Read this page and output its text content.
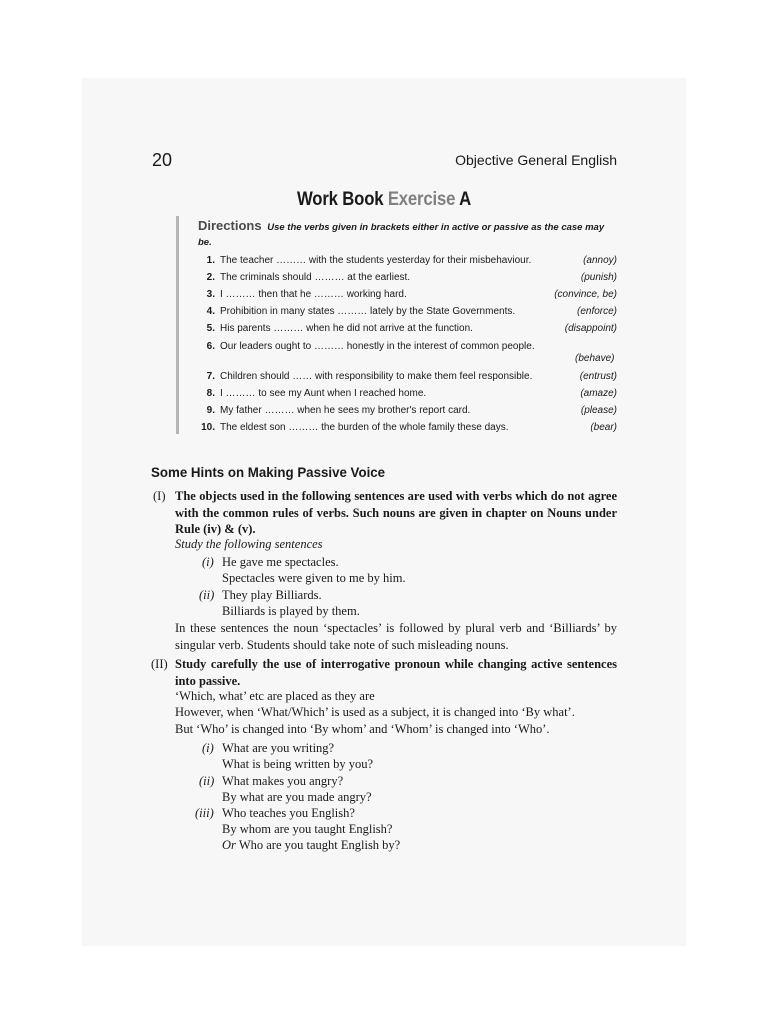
20	Objective General English
Work Book Exercise A
Directions Use the verbs given in brackets either in active or passive as the case may be.
1. The teacher ……… with the students yesterday for their misbehaviour.	(annoy)
2. The criminals should ……… at the earliest.	(punish)
3. I ……… then that he ……… working hard.	(convince, be)
4. Prohibition in many states ……… lately by the State Governments.	(enforce)
5. His parents ……… when he did not arrive at the function.	(disappoint)
6. Our leaders ought to ……… honestly in the interest of common people.
(behave)
7. Children should …… with responsibility to make them feel responsible.	(entrust)
8. I ……… to see my Aunt when I reached home.	(amaze)
9. My father ……… when he sees my brother's report card.	(please)
10. The eldest son ……… the burden of the whole family these days.	(bear)
Some Hints on Making Passive Voice
(I) The objects used in the following sentences are used with verbs which do not agree with the common rules of verbs. Such nouns are given in chapter on Nouns under Rule (iv) & (v).
Study the following sentences
(i) He gave me spectacles.
Spectacles were given to me by him.
(ii) They play Billiards.
Billiards is played by them.
In these sentences the noun ‘spectacles’ is followed by plural verb and ‘Billiards’ by singular verb. Students should take note of such misleading nouns.
(II) Study carefully the use of interrogative pronoun while changing active sentences into passive.
‘Which, what’ etc are placed as they are
However, when ‘What/Which’ is used as a subject, it is changed into ‘By what’.
But ‘Who’ is changed into ‘By whom’ and ‘Whom’ is changed into ‘Who’.
(i) What are you writing?
What is being written by you?
(ii) What makes you angry?
By what are you made angry?
(iii) Who teaches you English?
By whom are you taught English?
Or Who are you taught English by?
